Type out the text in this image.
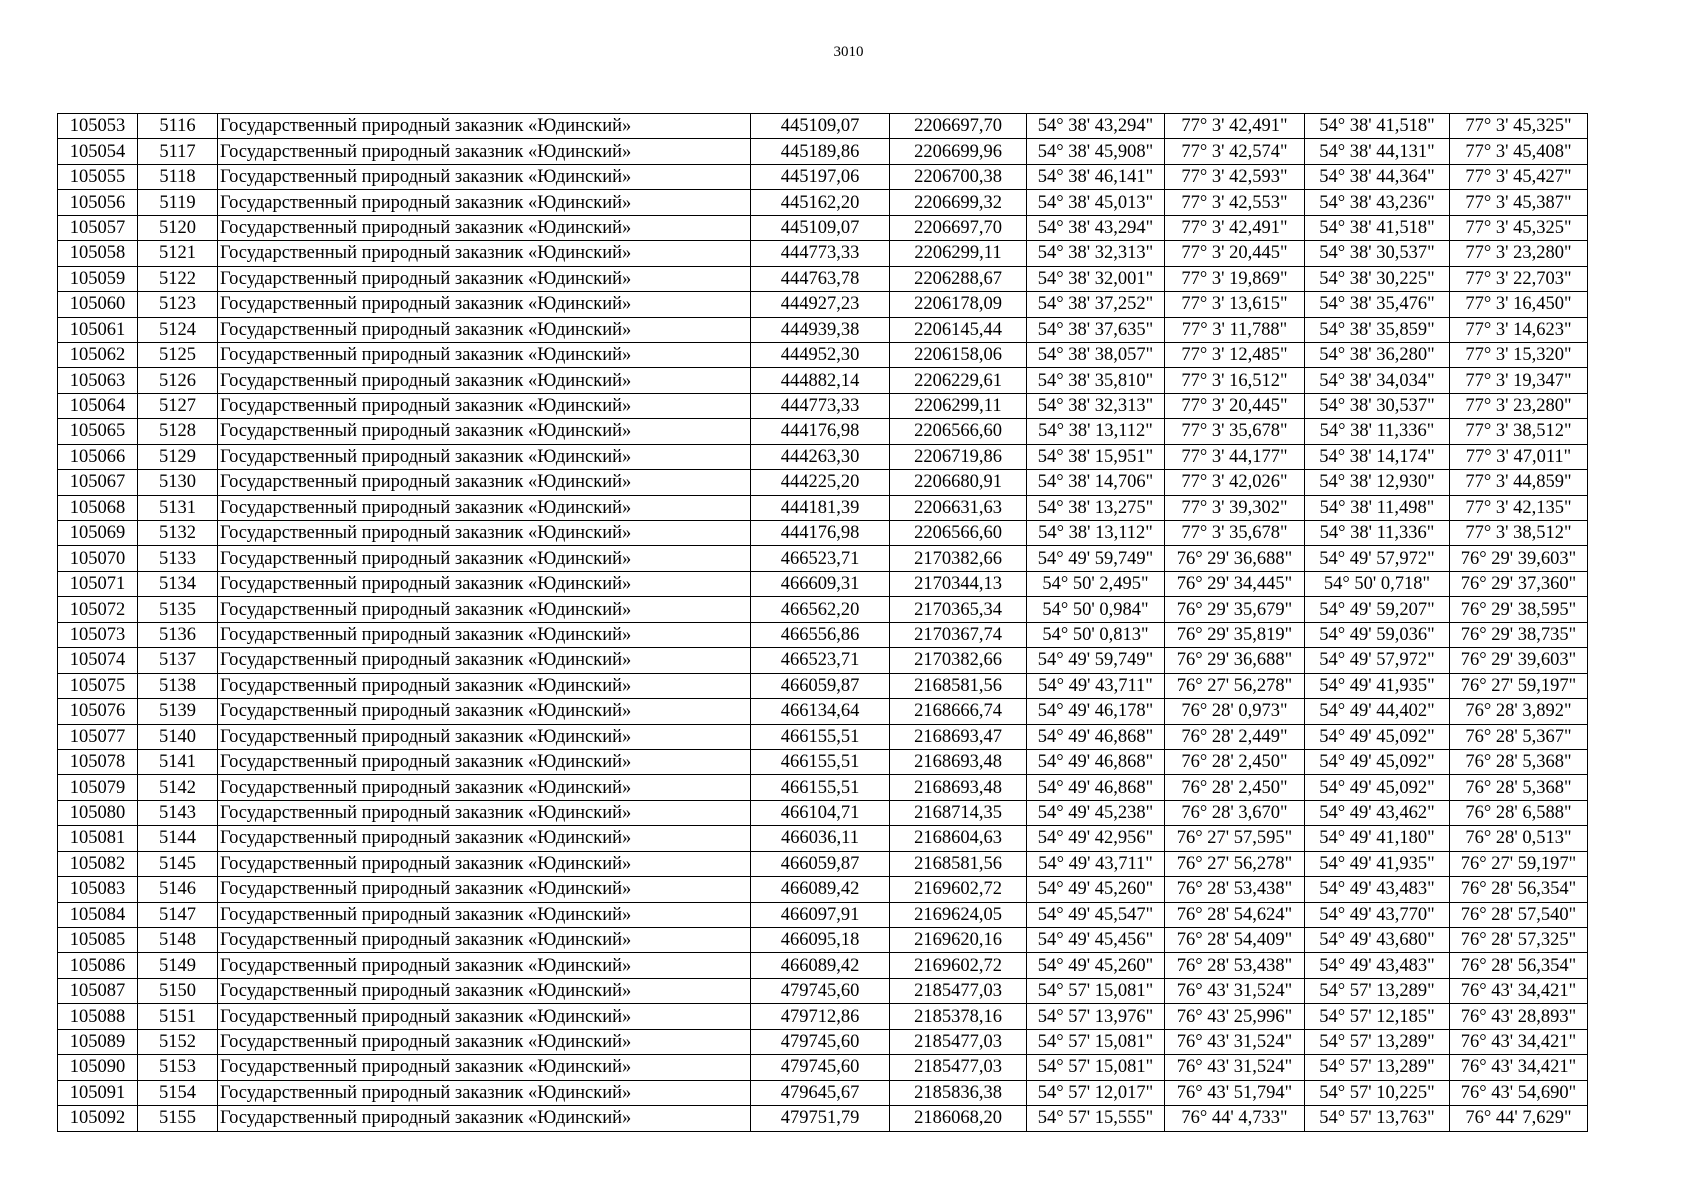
3010
105053	5116	Государственный природный заказник «Юдинский»	445109,07	2206697,70	54° 38' 43,294"	77° 3' 42,491"	54° 38' 41,518"	77° 3' 45,325"
105054	5117	Государственный природный заказник «Юдинский»	445189,86	2206699,96	54° 38' 45,908"	77° 3' 42,574"	54° 38' 44,131"	77° 3' 45,408"
105055	5118	Государственный природный заказник «Юдинский»	445197,06	2206700,38	54° 38' 46,141"	77° 3' 42,593"	54° 38' 44,364"	77° 3' 45,427"
105056	5119	Государственный природный заказник «Юдинский»	445162,20	2206699,32	54° 38' 45,013"	77° 3' 42,553"	54° 38' 43,236"	77° 3' 45,387"
105057	5120	Государственный природный заказник «Юдинский»	445109,07	2206697,70	54° 38' 43,294"	77° 3' 42,491"	54° 38' 41,518"	77° 3' 45,325"
105058	5121	Государственный природный заказник «Юдинский»	444773,33	2206299,11	54° 38' 32,313"	77° 3' 20,445"	54° 38' 30,537"	77° 3' 23,280"
105059	5122	Государственный природный заказник «Юдинский»	444763,78	2206288,67	54° 38' 32,001"	77° 3' 19,869"	54° 38' 30,225"	77° 3' 22,703"
105060	5123	Государственный природный заказник «Юдинский»	444927,23	2206178,09	54° 38' 37,252"	77° 3' 13,615"	54° 38' 35,476"	77° 3' 16,450"
105061	5124	Государственный природный заказник «Юдинский»	444939,38	2206145,44	54° 38' 37,635"	77° 3' 11,788"	54° 38' 35,859"	77° 3' 14,623"
105062	5125	Государственный природный заказник «Юдинский»	444952,30	2206158,06	54° 38' 38,057"	77° 3' 12,485"	54° 38' 36,280"	77° 3' 15,320"
105063	5126	Государственный природный заказник «Юдинский»	444882,14	2206229,61	54° 38' 35,810"	77° 3' 16,512"	54° 38' 34,034"	77° 3' 19,347"
105064	5127	Государственный природный заказник «Юдинский»	444773,33	2206299,11	54° 38' 32,313"	77° 3' 20,445"	54° 38' 30,537"	77° 3' 23,280"
105065	5128	Государственный природный заказник «Юдинский»	444176,98	2206566,60	54° 38' 13,112"	77° 3' 35,678"	54° 38' 11,336"	77° 3' 38,512"
105066	5129	Государственный природный заказник «Юдинский»	444263,30	2206719,86	54° 38' 15,951"	77° 3' 44,177"	54° 38' 14,174"	77° 3' 47,011"
105067	5130	Государственный природный заказник «Юдинский»	444225,20	2206680,91	54° 38' 14,706"	77° 3' 42,026"	54° 38' 12,930"	77° 3' 44,859"
105068	5131	Государственный природный заказник «Юдинский»	444181,39	2206631,63	54° 38' 13,275"	77° 3' 39,302"	54° 38' 11,498"	77° 3' 42,135"
105069	5132	Государственный природный заказник «Юдинский»	444176,98	2206566,60	54° 38' 13,112"	77° 3' 35,678"	54° 38' 11,336"	77° 3' 38,512"
105070	5133	Государственный природный заказник «Юдинский»	466523,71	2170382,66	54° 49' 59,749"	76° 29' 36,688"	54° 49' 57,972"	76° 29' 39,603"
105071	5134	Государственный природный заказник «Юдинский»	466609,31	2170344,13	54° 50' 2,495"	76° 29' 34,445"	54° 50' 0,718"	76° 29' 37,360"
105072	5135	Государственный природный заказник «Юдинский»	466562,20	2170365,34	54° 50' 0,984"	76° 29' 35,679"	54° 49' 59,207"	76° 29' 38,595"
105073	5136	Государственный природный заказник «Юдинский»	466556,86	2170367,74	54° 50' 0,813"	76° 29' 35,819"	54° 49' 59,036"	76° 29' 38,735"
105074	5137	Государственный природный заказник «Юдинский»	466523,71	2170382,66	54° 49' 59,749"	76° 29' 36,688"	54° 49' 57,972"	76° 29' 39,603"
105075	5138	Государственный природный заказник «Юдинский»	466059,87	2168581,56	54° 49' 43,711"	76° 27' 56,278"	54° 49' 41,935"	76° 27' 59,197"
105076	5139	Государственный природный заказник «Юдинский»	466134,64	2168666,74	54° 49' 46,178"	76° 28' 0,973"	54° 49' 44,402"	76° 28' 3,892"
105077	5140	Государственный природный заказник «Юдинский»	466155,51	2168693,47	54° 49' 46,868"	76° 28' 2,449"	54° 49' 45,092"	76° 28' 5,367"
105078	5141	Государственный природный заказник «Юдинский»	466155,51	2168693,48	54° 49' 46,868"	76° 28' 2,450"	54° 49' 45,092"	76° 28' 5,368"
105079	5142	Государственный природный заказник «Юдинский»	466155,51	2168693,48	54° 49' 46,868"	76° 28' 2,450"	54° 49' 45,092"	76° 28' 5,368"
105080	5143	Государственный природный заказник «Юдинский»	466104,71	2168714,35	54° 49' 45,238"	76° 28' 3,670"	54° 49' 43,462"	76° 28' 6,588"
105081	5144	Государственный природный заказник «Юдинский»	466036,11	2168604,63	54° 49' 42,956"	76° 27' 57,595"	54° 49' 41,180"	76° 28' 0,513"
105082	5145	Государственный природный заказник «Юдинский»	466059,87	2168581,56	54° 49' 43,711"	76° 27' 56,278"	54° 49' 41,935"	76° 27' 59,197"
105083	5146	Государственный природный заказник «Юдинский»	466089,42	2169602,72	54° 49' 45,260"	76° 28' 53,438"	54° 49' 43,483"	76° 28' 56,354"
105084	5147	Государственный природный заказник «Юдинский»	466097,91	2169624,05	54° 49' 45,547"	76° 28' 54,624"	54° 49' 43,770"	76° 28' 57,540"
105085	5148	Государственный природный заказник «Юдинский»	466095,18	2169620,16	54° 49' 45,456"	76° 28' 54,409"	54° 49' 43,680"	76° 28' 57,325"
105086	5149	Государственный природный заказник «Юдинский»	466089,42	2169602,72	54° 49' 45,260"	76° 28' 53,438"	54° 49' 43,483"	76° 28' 56,354"
105087	5150	Государственный природный заказник «Юдинский»	479745,60	2185477,03	54° 57' 15,081"	76° 43' 31,524"	54° 57' 13,289"	76° 43' 34,421"
105088	5151	Государственный природный заказник «Юдинский»	479712,86	2185378,16	54° 57' 13,976"	76° 43' 25,996"	54° 57' 12,185"	76° 43' 28,893"
105089	5152	Государственный природный заказник «Юдинский»	479745,60	2185477,03	54° 57' 15,081"	76° 43' 31,524"	54° 57' 13,289"	76° 43' 34,421"
105090	5153	Государственный природный заказник «Юдинский»	479745,60	2185477,03	54° 57' 15,081"	76° 43' 31,524"	54° 57' 13,289"	76° 43' 34,421"
105091	5154	Государственный природный заказник «Юдинский»	479645,67	2185836,38	54° 57' 12,017"	76° 43' 51,794"	54° 57' 10,225"	76° 43' 54,690"
105092	5155	Государственный природный заказник «Юдинский»	479751,79	2186068,20	54° 57' 15,555"	76° 44' 4,733"	54° 57' 13,763"	76° 44' 7,629"
